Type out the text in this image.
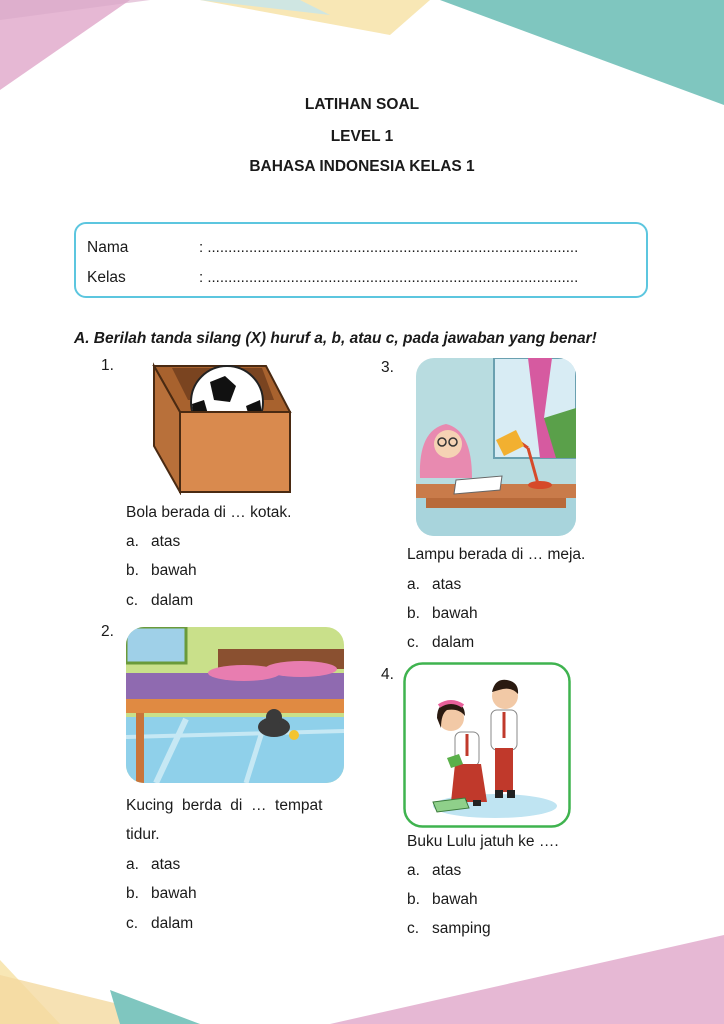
LATIHAN SOAL
LEVEL 1
BAHASA INDONESIA KELAS 1
Nama	: .........................................................................................
Kelas	: .........................................................................................
A. Berilah tanda silang (X) huruf a, b, atau c, pada jawaban yang benar!
1.
Bola berada di … kotak.
a. atas
b. bawah
c. dalam
2.
Kucing  berda  di  …  tempat
tidur.
a. atas
b. bawah
c. dalam
3.
Lampu berada di … meja.
a. atas
b. bawah
c. dalam
4.
Buku Lulu jatuh ke ….
a. atas
b. bawah
c. samping
